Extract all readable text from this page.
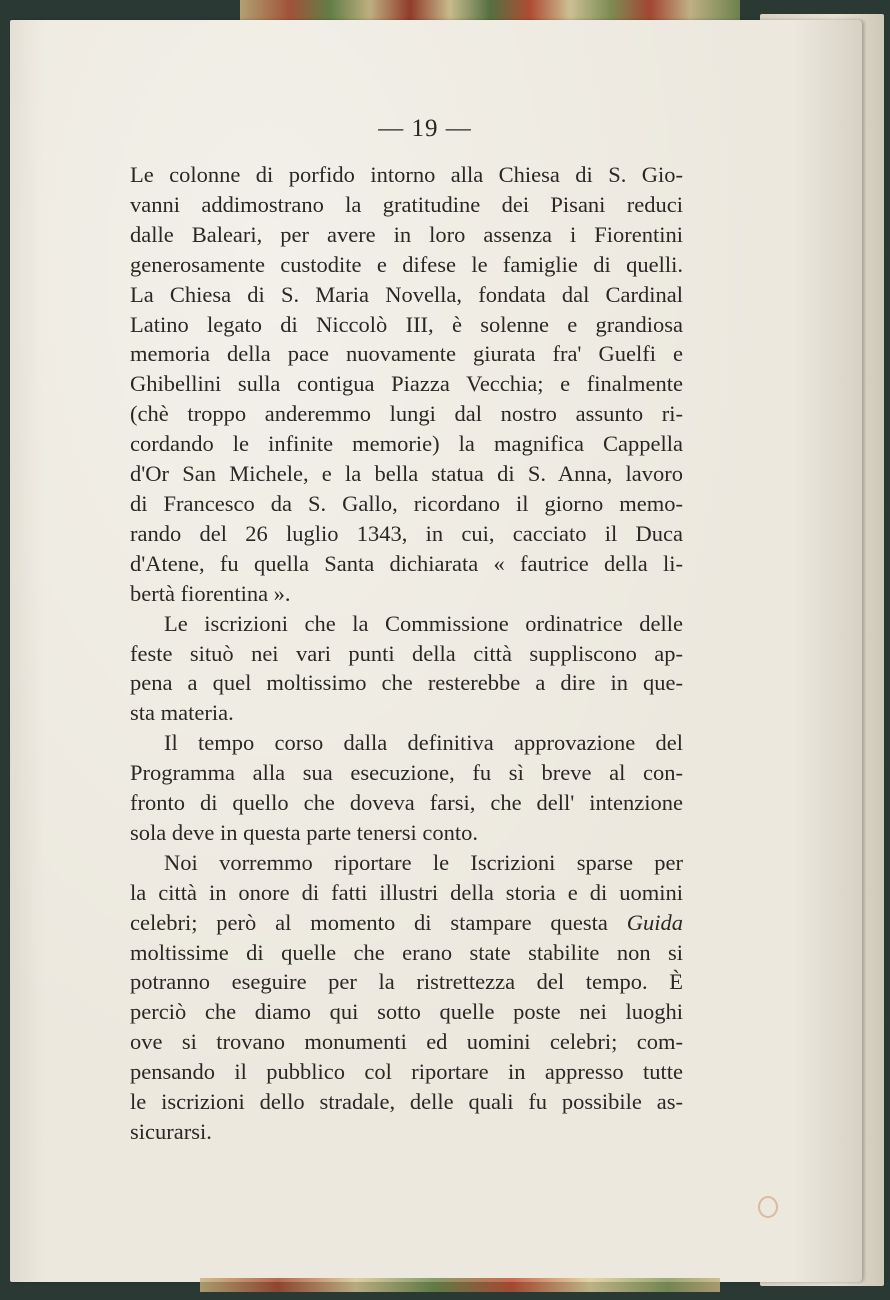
— 19 —
Le colonne di porfido intorno alla Chiesa di S. Gio-
vanni addimostrano la gratitudine dei Pisani reduci
dalle Baleari, per avere in loro assenza i Fiorentini
generosamente custodite e difese le famiglie di quelli.
La Chiesa di S. Maria Novella, fondata dal Cardinal
Latino legato di Niccolò III, è solenne e grandiosa
memoria della pace nuovamente giurata fra' Guelfi e
Ghibellini sulla contigua Piazza Vecchia; e finalmente
(chè troppo anderemmo lungi dal nostro assunto ri-
cordando le infinite memorie) la magnifica Cappella
d'Or San Michele, e la bella statua di S. Anna, lavoro
di Francesco da S. Gallo, ricordano il giorno memo-
rando del 26 luglio 1343, in cui, cacciato il Duca
d'Atene, fu quella Santa dichiarata « fautrice della li-
bertà fiorentina ».
Le iscrizioni che la Commissione ordinatrice delle
feste situò nei vari punti della città suppliscono ap-
pena a quel moltissimo che resterebbe a dire in que-
sta materia.
Il tempo corso dalla definitiva approvazione del
Programma alla sua esecuzione, fu sì breve al con-
fronto di quello che doveva farsi, che dell' intenzione
sola deve in questa parte tenersi conto.
Noi vorremmo riportare le Iscrizioni sparse per
la città in onore di fatti illustri della storia e di uomini
celebri; però al momento di stampare questa Guida
moltissime di quelle che erano state stabilite non si
potranno eseguire per la ristrettezza del tempo. È
perciò che diamo qui sotto quelle poste nei luoghi
ove si trovano monumenti ed uomini celebri; com-
pensando il pubblico col riportare in appresso tutte
le iscrizioni dello stradale, delle quali fu possibile as-
sicurarsi.
